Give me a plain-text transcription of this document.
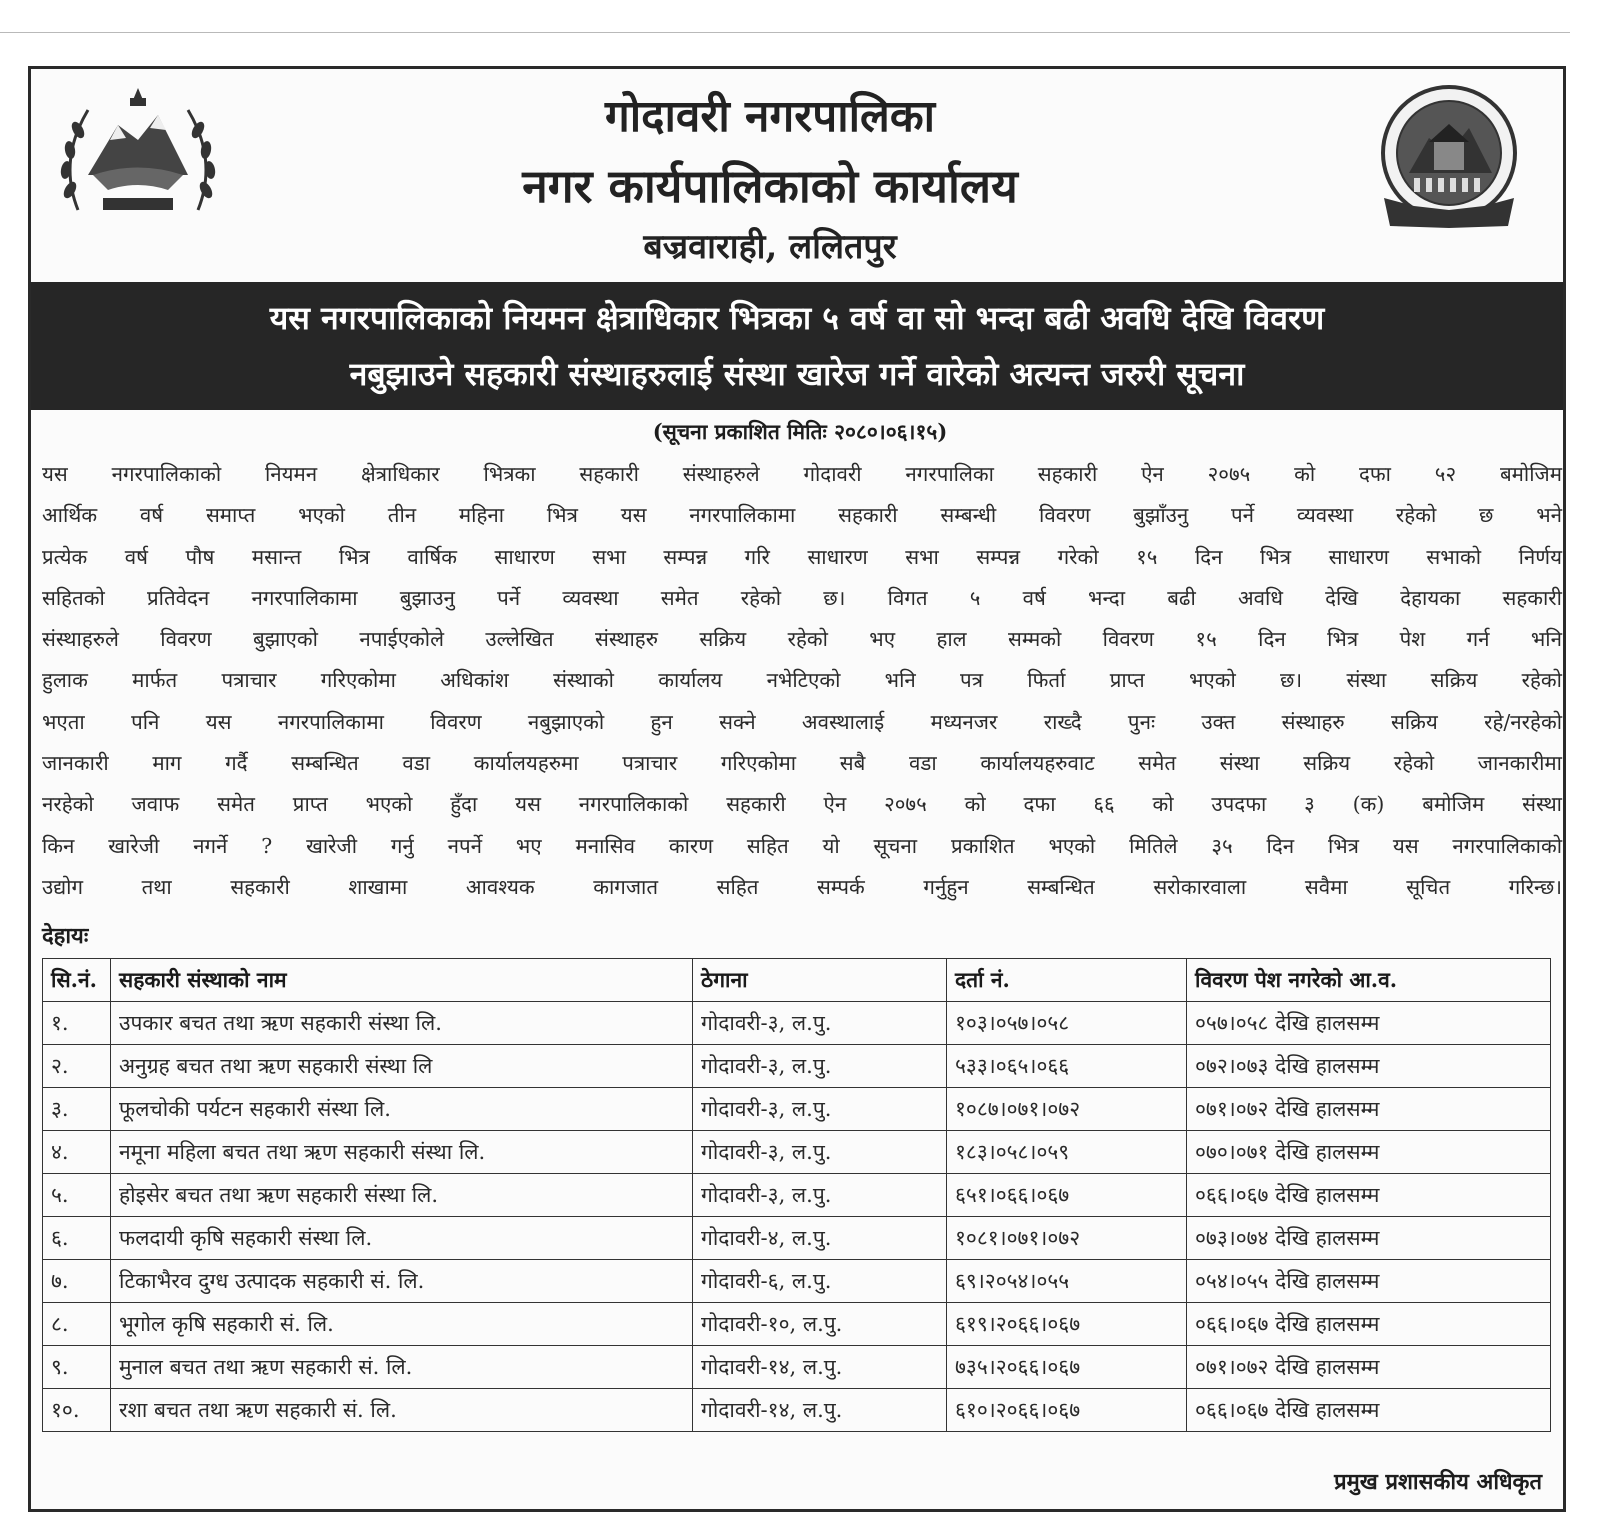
गोदावरी नगरपालिका
नगर कार्यपालिकाको कार्यालय
बज्रवाराही, ललितपुर
यस नगरपालिकाको नियमन क्षेत्राधिकार भित्रका ५ वर्ष वा सो भन्दा बढी अवधि देखि विवरण
नबुझाउने सहकारी संस्थाहरुलाई संस्था खारेज गर्ने वारेको अत्यन्त जरुरी सूचना
(सूचना प्रकाशित मितिः २०८०।०६।१५)
यस नगरपालिकाको नियमन क्षेत्राधिकार भित्रका सहकारी संस्थाहरुले गोदावरी नगरपालिका सहकारी ऐन २०७५ को दफा ५२ बमोजिम
आर्थिक वर्ष समाप्त भएको तीन महिना भित्र यस नगरपालिकामा सहकारी सम्बन्धी विवरण बुझाँउनु पर्ने व्यवस्था रहेको छ भने
प्रत्येक वर्ष पौष मसान्त भित्र वार्षिक साधारण सभा सम्पन्न गरि साधारण सभा सम्पन्न गरेको १५ दिन भित्र साधारण सभाको निर्णय
सहितको प्रतिवेदन नगरपालिकामा बुझाउनु पर्ने व्यवस्था समेत रहेको छ। विगत ५ वर्ष भन्दा बढी अवधि देखि देहायका सहकारी
संस्थाहरुले विवरण बुझाएको नपाईएकोले उल्लेखित संस्थाहरु सक्रिय रहेको भए हाल सम्मको विवरण १५ दिन भित्र पेश गर्न भनि
हुलाक मार्फत पत्राचार गरिएकोमा अधिकांश संस्थाको कार्यालय नभेटिएको भनि पत्र फिर्ता प्राप्त भएको छ। संस्था सक्रिय रहेको
भएता पनि यस नगरपालिकामा विवरण नबुझाएको हुन सक्ने अवस्थालाई मध्यनजर राख्दै पुनः उक्त संस्थाहरु सक्रिय रहे/नरहेको
जानकारी माग गर्दै सम्बन्धित वडा कार्यालयहरुमा पत्राचार गरिएकोमा सबै वडा कार्यालयहरुवाट समेत संस्था सक्रिय रहेको जानकारीमा
नरहेको जवाफ समेत प्राप्त भएको हुँदा यस नगरपालिकाको सहकारी ऐन २०७५ को दफा ६६ को उपदफा ३ (क) बमोजिम संस्था
किन खारेजी नगर्ने ? खारेजी गर्नु नपर्ने भए मनासिव कारण सहित यो सूचना प्रकाशित भएको मितिले ३५ दिन भित्र यस नगरपालिकाको
उद्योग तथा सहकारी शाखामा आवश्यक कागजात सहित सम्पर्क गर्नुहुन सम्बन्धित सरोकारवाला सवैमा सूचित गरिन्छ।
देहायः
सि.नं.	सहकारी संस्थाको नाम	ठेगाना	दर्ता नं.	विवरण पेश नगरेको आ.व.
१.	उपकार बचत तथा ऋण सहकारी संस्था लि.	गोदावरी-३, ल.पु.	१०३।०५७।०५८	०५७।०५८ देखि हालसम्म
२.	अनुग्रह बचत तथा ऋण सहकारी संस्था लि	गोदावरी-३, ल.पु.	५३३।०६५।०६६	०७२।०७३ देखि हालसम्म
३.	फूलचोकी पर्यटन सहकारी संस्था लि.	गोदावरी-३, ल.पु.	१०८७।०७१।०७२	०७१।०७२ देखि हालसम्म
४.	नमूना महिला बचत तथा ऋण सहकारी संस्था लि.	गोदावरी-३, ल.पु.	१८३।०५८।०५९	०७०।०७१ देखि हालसम्म
५.	होइसेर बचत तथा ऋण सहकारी संस्था लि.	गोदावरी-३, ल.पु.	६५१।०६६।०६७	०६६।०६७ देखि हालसम्म
६.	फलदायी कृषि सहकारी संस्था लि.	गोदावरी-४, ल.पु.	१०८१।०७१।०७२	०७३।०७४ देखि हालसम्म
७.	टिकाभैरव दुग्ध उत्पादक सहकारी सं. लि.	गोदावरी-६, ल.पु.	६९।२०५४।०५५	०५४।०५५ देखि हालसम्म
८.	भूगोल कृषि सहकारी सं. लि.	गोदावरी-१०, ल.पु.	६१९।२०६६।०६७	०६६।०६७ देखि हालसम्म
९.	मुनाल बचत तथा ऋण सहकारी सं. लि.	गोदावरी-१४, ल.पु.	७३५।२०६६।०६७	०७१।०७२ देखि हालसम्म
१०.	रशा बचत तथा ऋण सहकारी सं. लि.	गोदावरी-१४, ल.पु.	६१०।२०६६।०६७	०६६।०६७ देखि हालसम्म
प्रमुख प्रशासकीय अधिकृत
